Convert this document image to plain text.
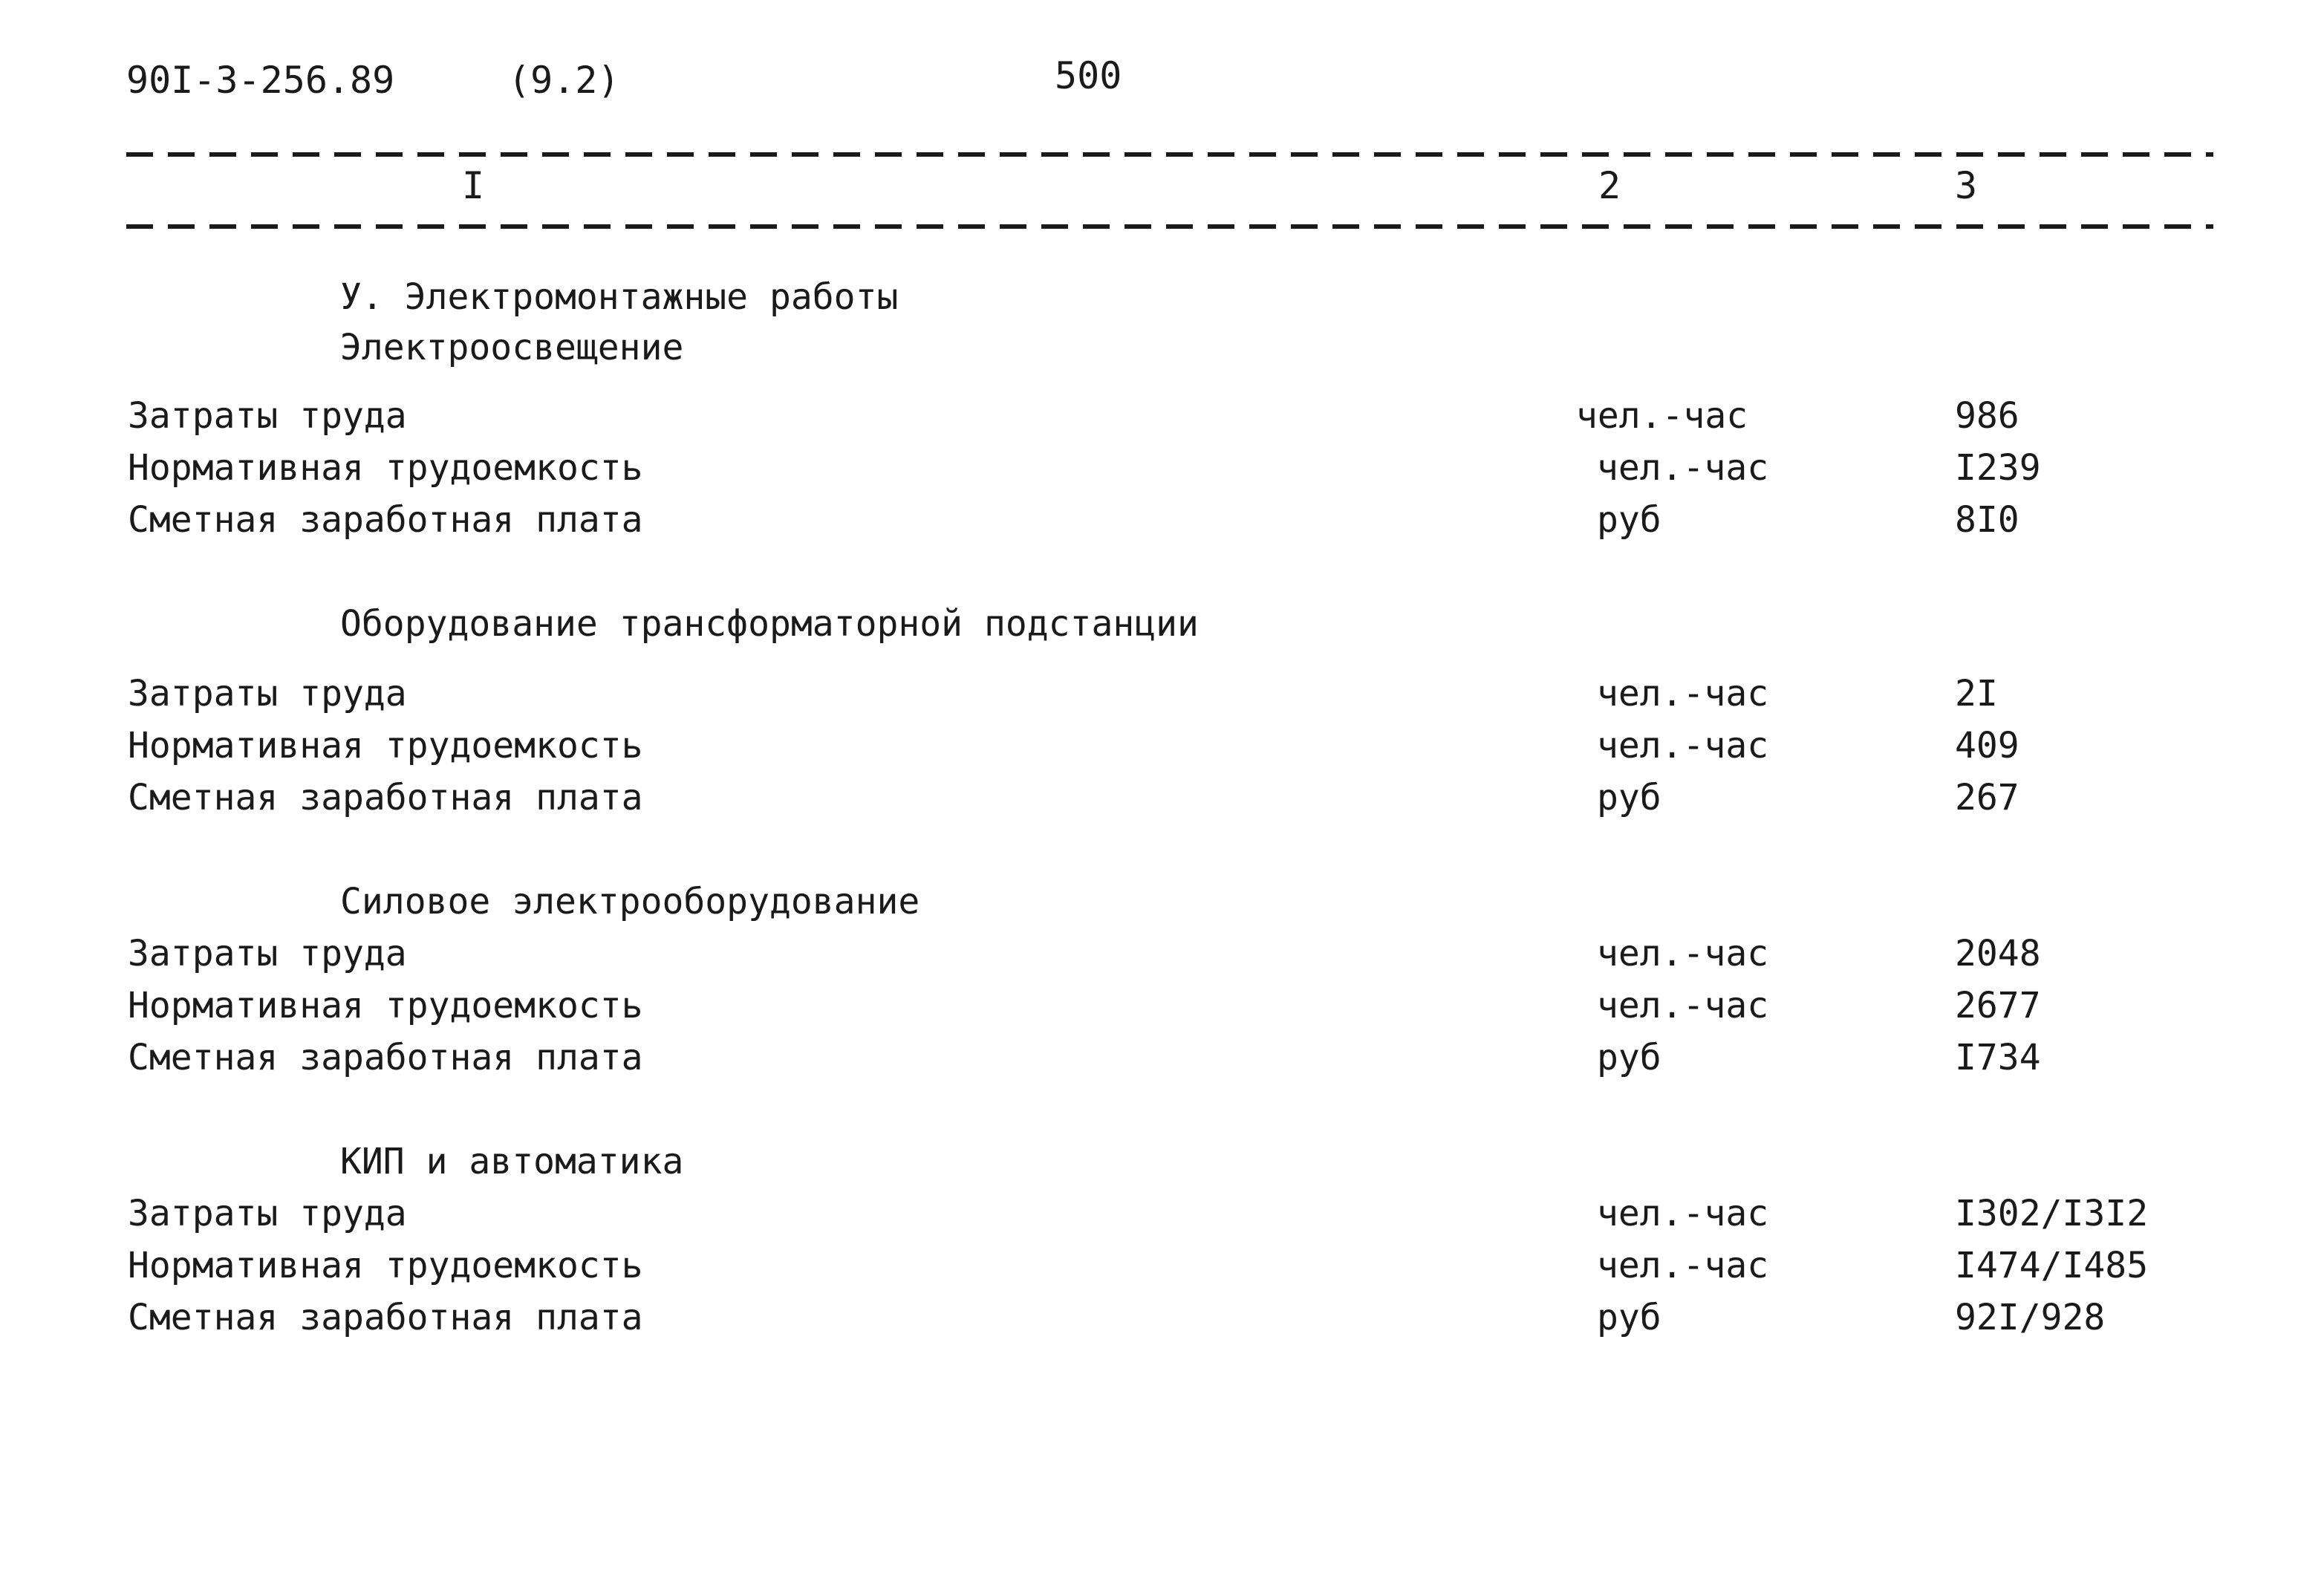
90I-3-256.89	(9.2)	500
I	2	3
У. Электромонтажные работы
Электроосвещение
Затраты труда	чел.-час	986
Нормативная трудоемкость	чел.-час	I239
Сметная заработная плата	руб	8I0
Оборудование трансформаторной подстанции
Затраты труда	чел.-час	2I
Нормативная трудоемкость	чел.-час	409
Сметная заработная плата	руб	267
Силовое электрооборудование
Затраты труда	чел.-час	2048
Нормативная трудоемкость	чел.-час	2677
Сметная заработная плата	руб	I734
КИП и автоматика
Затраты труда	чел.-час	I302/I3I2
Нормативная трудоемкость	чел.-час	I474/I485
Сметная заработная плата	руб	92I/928
